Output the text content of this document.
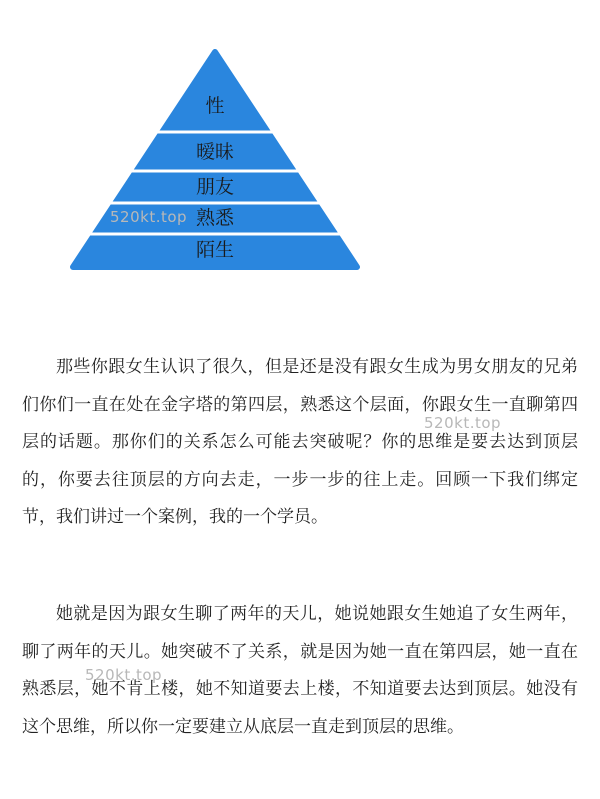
性
暧昧
朋友
熟悉
陌生
520kt.top

那些你跟女生认识了很久，但是还是没有跟女生成为男女朋友的兄弟们你们一直在处在金字塔的第四层，熟悉这个层面，你跟女生一直聊第四层的话题。那你们的关系怎么可能去突破呢？你的思维是要去达到顶层的，你要去往顶层的方向去走，一步一步的往上走。回顾一下我们绑定节，我们讲过一个案例，我的一个学员。

520kt.top

她就是因为跟女生聊了两年的天儿，她说她跟女生她追了女生两年，聊了两年的天儿。她突破不了关系，就是因为她一直在第四层，她一直在熟悉层，她不肯上楼，她不知道要去上楼，不知道要去达到顶层。她没有这个思维，所以你一定要建立从底层一直走到顶层的思维。

520kt.top
